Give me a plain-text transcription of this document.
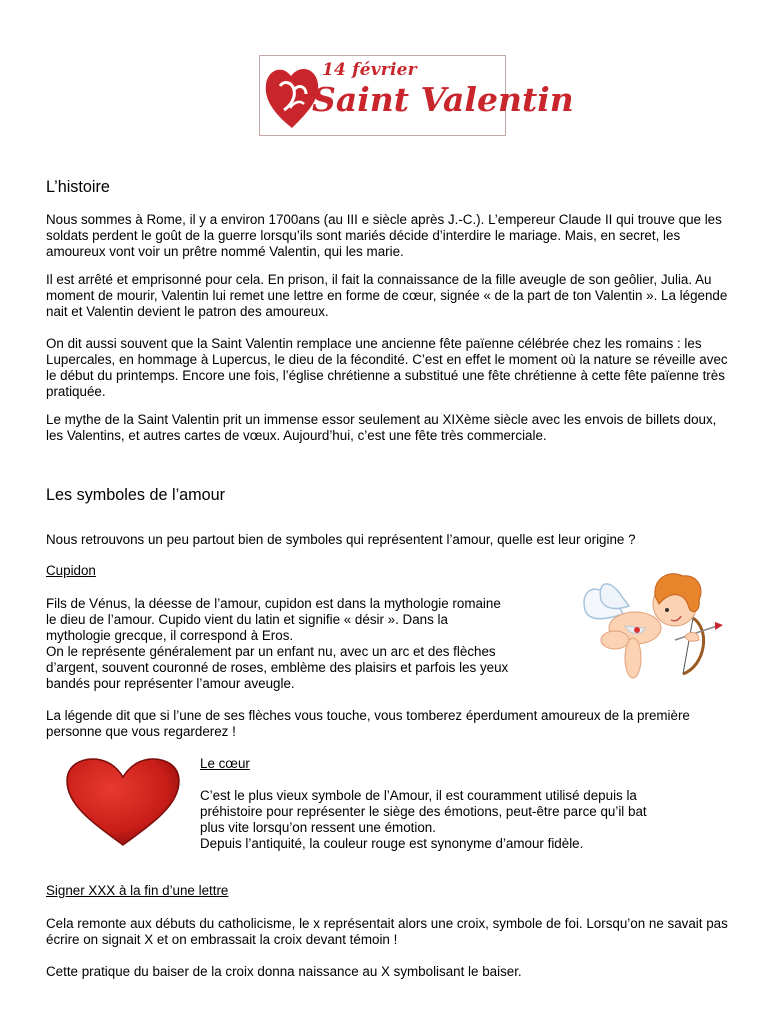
14 février
Saint Valentin
L’histoire

Nous sommes à Rome, il y a environ 1700ans (au III e siècle après J.-C.). L’empereur Claude II qui trouve que les soldats perdent le goût de la guerre lorsqu’ils sont mariés décide d’interdire le mariage. Mais, en secret, les amoureux vont voir un prêtre nommé Valentin, qui les marie.

Il est arrêté et emprisonné pour cela. En prison, il fait la connaissance de la fille aveugle de son geôlier, Julia. Au moment de mourir, Valentin lui remet une lettre en forme de cœur, signée « de la part de ton Valentin ». La légende nait et Valentin devient le patron des amoureux.

On dit aussi souvent que la Saint Valentin remplace une ancienne fête païenne célébrée chez les romains : les Lupercales, en hommage à Lupercus, le dieu de la fécondité. C’est en effet le moment où la nature se réveille avec le début du printemps. Encore une fois, l’église chrétienne a substitué une fête chrétienne à cette fête païenne très pratiquée.

Le mythe de la Saint Valentin prit un immense essor seulement au XIXème siècle avec les envois de billets doux, les Valentins, et autres cartes de vœux. Aujourd’hui, c’est une fête très commerciale.

Les symboles de l’amour

Nous retrouvons un peu partout bien de symboles qui représentent l’amour, quelle est leur origine ?

Cupidon

Fils de Vénus, la déesse de l’amour, cupidon est dans la mythologie romaine
le dieu de l’amour. Cupido vient du latin et signifie « désir ». Dans la
mythologie grecque, il correspond à Eros.
On le représente généralement par un enfant nu, avec un arc et des flèches
d’argent, souvent couronné de roses, emblème des plaisirs et parfois les yeux
bandés pour représenter l’amour aveugle.

La légende dit que si l’une de ses flèches vous touche, vous tomberez éperdument amoureux de la première personne que vous regarderez !

Le cœur

C’est le plus vieux symbole de l’Amour, il est couramment utilisé depuis la
préhistoire pour représenter le siège des émotions, peut-être parce qu’il bat
plus vite lorsqu’on ressent une émotion.
Depuis l’antiquité, la couleur rouge est synonyme d’amour fidèle.

Signer XXX à la fin d’une lettre

Cela remonte aux débuts du catholicisme, le x représentait alors une croix, symbole de foi. Lorsqu’on ne savait pas écrire on signait X et on embrassait la croix devant témoin !

Cette pratique du baiser de la croix donna naissance au X symbolisant le baiser.
